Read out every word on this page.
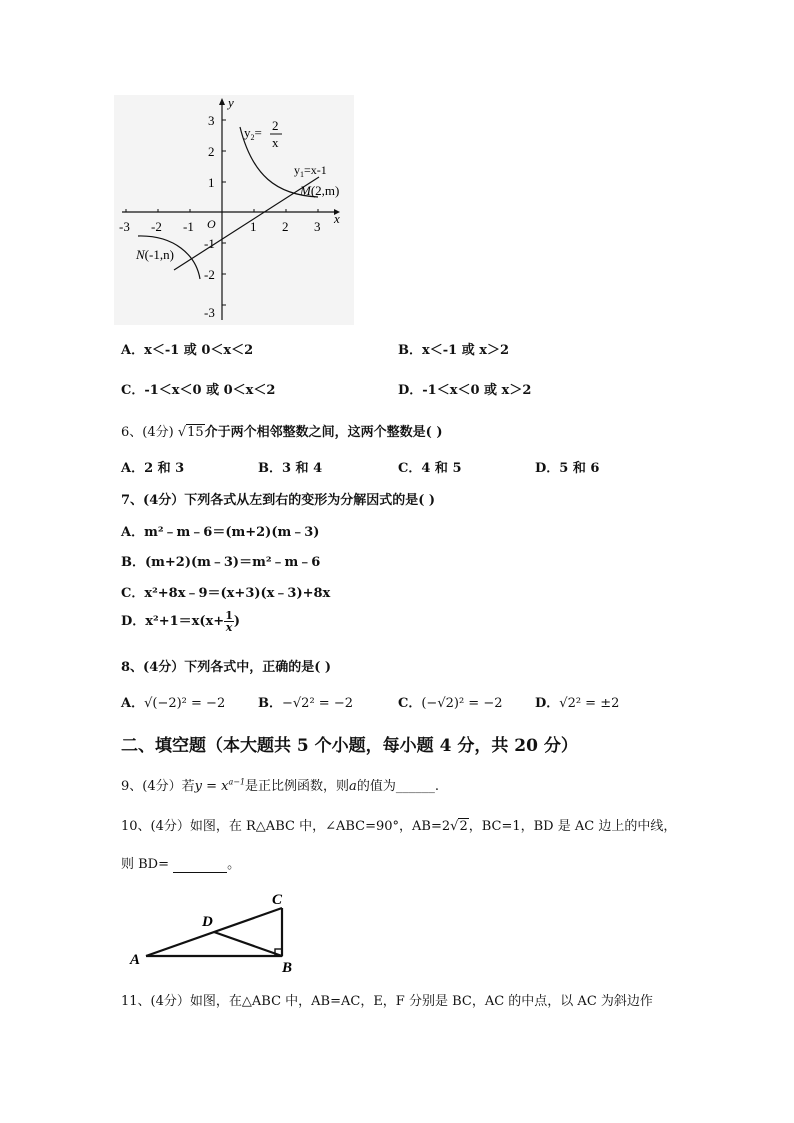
y
x
O
-3 -2 -1	1 2 3
3
2
1
-1
-2
-3
$y_2= 2$
x
$y_1=x-1$
M(2,m)
N(-1,n)
A．x＜-1 或 0＜x＜2	B．x＜-1 或 x＞2
C．-1＜x＜0 或 0＜x＜2	D．-1＜x＜0 或 x＞2
6、(4分) √15介于两个相邻整数之间，这两个整数是( )
A．2 和 3	B．3 和 4	C．4 和 5	D．5 和 6
7、(4分）下列各式从左到右的变形为分解因式的是( )
A．m²﹣m﹣6＝(m+2)(m﹣3)
B．(m+2)(m﹣3)＝m²﹣m﹣6
C．x²+8x﹣9＝(x+3)(x﹣3)+8x
D．$x^2+1=x(x+ \frac{1}{x}$ )
8、(4分）下列各式中，正确的是( )
A．√(−2)² = −2	B．−√2² = −2	C．(−√2)² = −2	D．√2² = ±2
二、填空题（本大题共 5 个小题，每小题 4 分，共 20 分）
9、(4分）若$y = x^{a-1}$是正比例函数，则a的值为______.
10、(4分）如图，在 R△ABC 中，∠ABC=90°，AB=2√2，BC=1，BD 是 AC 边上的中线，
则 BD=	。
A	B
C
D
11、(4分）如图，在△ABC 中，AB=AC，E，F 分别是 BC，AC 的中点，以 AC 为斜边作
